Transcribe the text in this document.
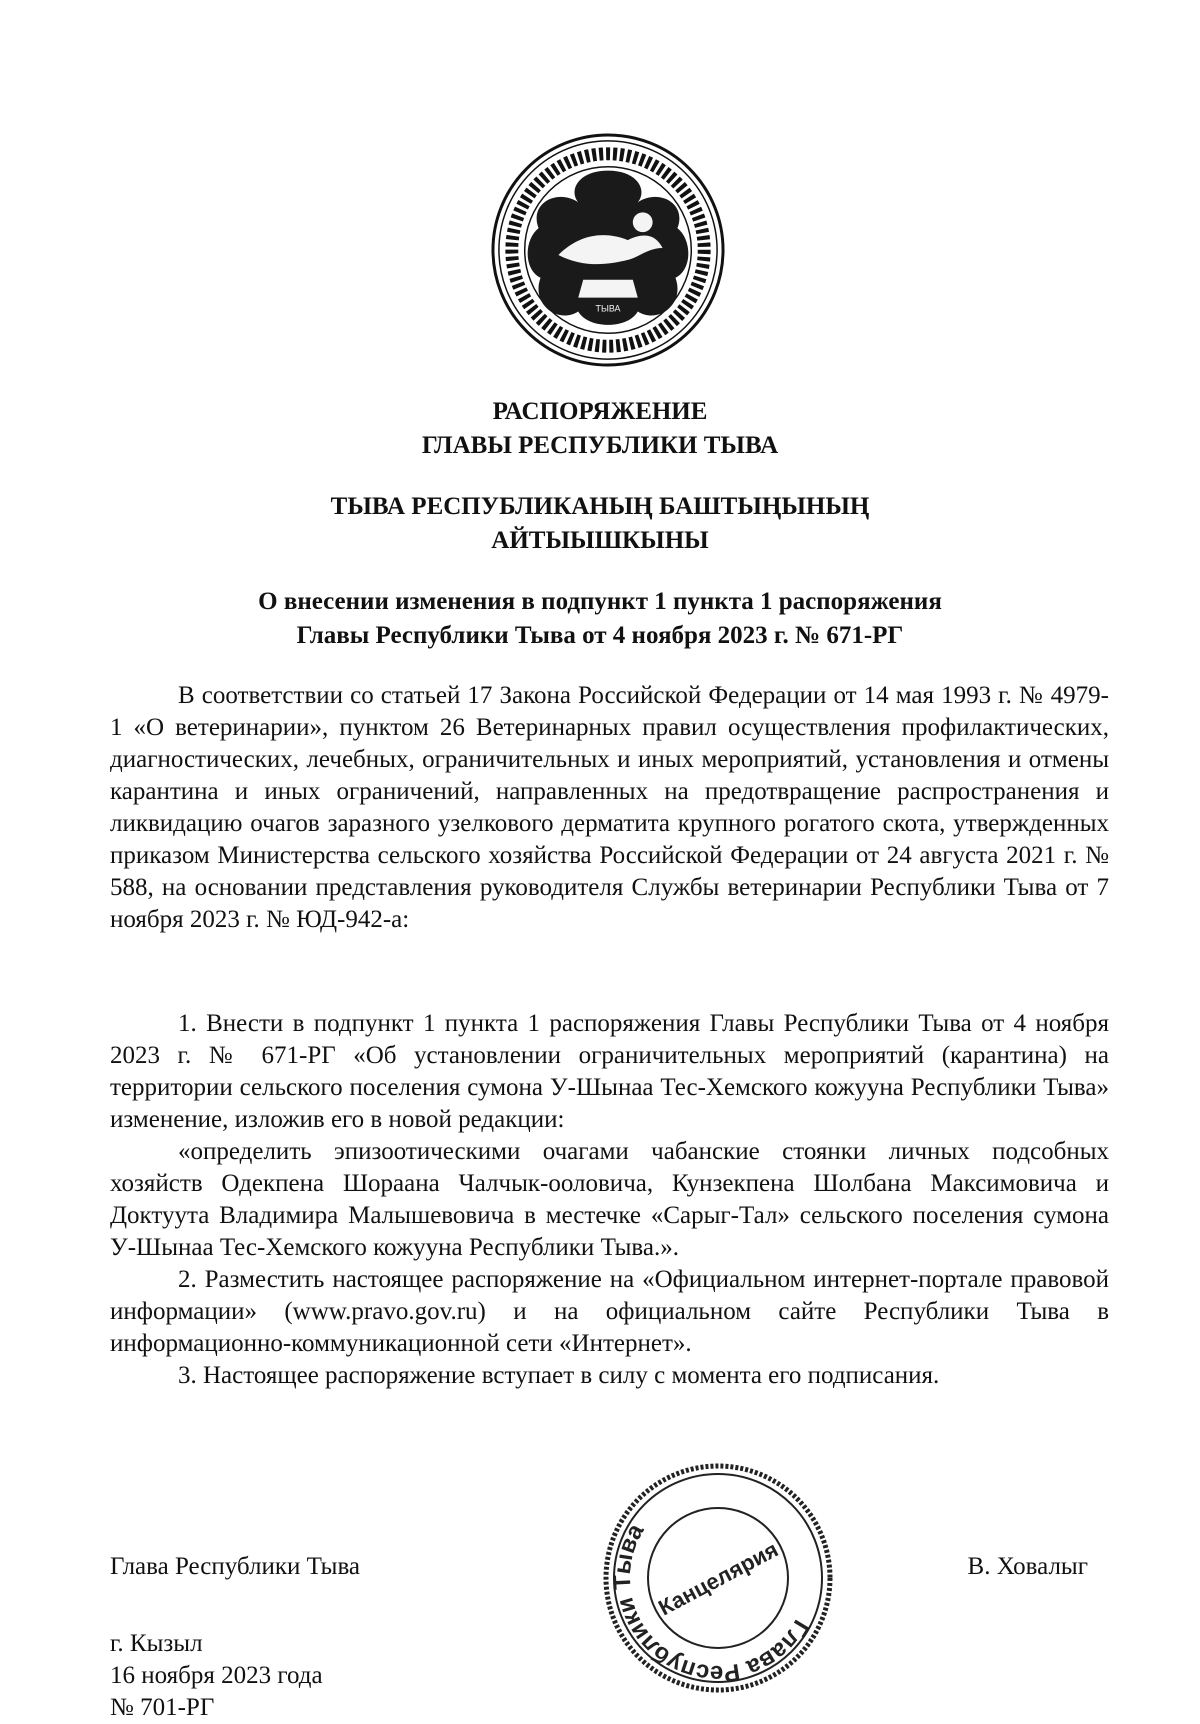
ТЫВА
РАСПОРЯЖЕНИЕ
ГЛАВЫ РЕСПУБЛИКИ ТЫВА
ТЫВА РЕСПУБЛИКАНЫҢ БАШТЫҢЫНЫҢ
АЙТЫЫШКЫНЫ
О внесении изменения в подпункт 1 пункта 1 распоряжения
Главы Республики Тыва от 4 ноября 2023 г. № 671-РГ

В соответствии со статьей 17 Закона Российской Федерации от 14 мая 1993 г. № 4979-1 «О ветеринарии», пунктом 26 Ветеринарных правил осуществления профилактических, диагностических, лечебных, ограничительных и иных мероприятий, установления и отмены карантина и иных ограничений, направленных на предотвращение распространения и ликвидацию очагов заразного узелкового дерматита крупного рогатого скота, утвержденных приказом Министерства сельского хозяйства Российской Федерации от 24 августа 2021 г. № 588, на основании представления руководителя Службы ветеринарии Республики Тыва от 7 ноября 2023 г. № ЮД-942-а:

1. Внести в подпункт 1 пункта 1 распоряжения Главы Республики Тыва от 4 ноября 2023 г. № 671-РГ «Об установлении ограничительных мероприятий (карантина) на территории сельского поселения сумона У-Шынаа Тес-Хемского кожууна Республики Тыва» изменение, изложив его в новой редакции:

«определить эпизоотическими очагами чабанские стоянки личных подсобных хозяйств Одекпена Шораана Чалчык-ооловича, Кунзекпена Шолбана Максимовича и Доктуута Владимира Малышевовича в местечке «Сарыг-Тал» сельского поселения сумона У-Шынаа Тес-Хемского кожууна Республики Тыва.».

2. Разместить настоящее распоряжение на «Официальном интернет-портале правовой информации» (www.pravo.gov.ru) и на официальном сайте Республики Тыва в информационно-коммуникационной сети «Интернет».

3. Настоящее распоряжение вступает в силу с момента его подписания.

Глава Республики Тыва	В. Ховалыг
Глава Республики Тыва
Канцелярия
г. Кызыл
16 ноября 2023 года
№ 701-РГ
